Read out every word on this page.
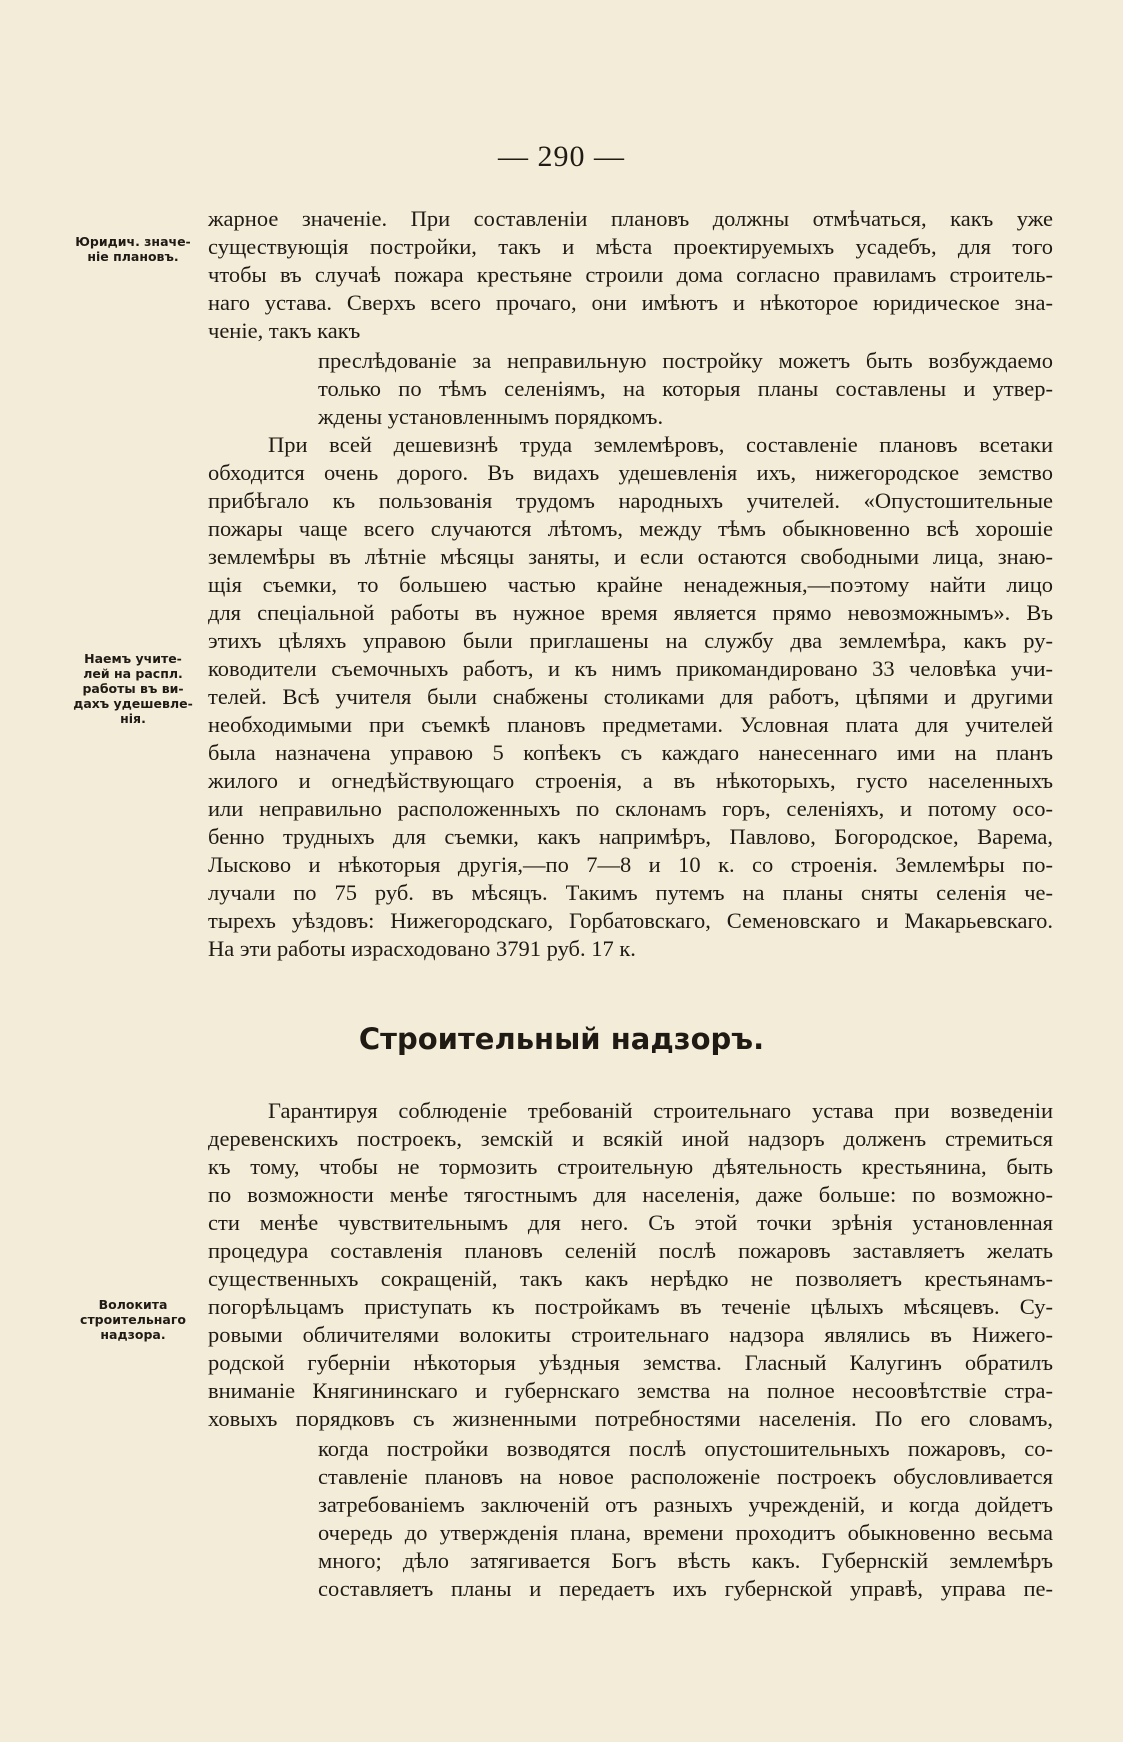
— 290 —
Юридич. значе-
ніе плановъ.
Наемъ учите-
лей на распл.
работы въ ви-
дахъ удешевле-
нія.
Волокита
строительнаго
надзора.
жарное значеніе. При составленіи плановъ должны отмѣчаться, какъ уже
существующія постройки, такъ и мѣста проектируемыхъ усадебъ, для того
чтобы въ случаѣ пожара крестьяне строили дома согласно правиламъ строитель-
наго устава. Сверхъ всего прочаго, они имѣютъ и нѣкоторое юридическое зна-
ченіе, такъ какъ
преслѣдованіе за неправильную постройку можетъ быть возбуждаемо
только по тѣмъ селеніямъ, на которыя планы составлены и утвер-
ждены установленнымъ порядкомъ.
При всей дешевизнѣ труда землемѣровъ, составленіе плановъ всетаки
обходится очень дорого. Въ видахъ удешевленія ихъ, нижегородское земство
прибѣгало къ пользованія трудомъ народныхъ учителей. «Опустошительные
пожары чаще всего случаются лѣтомъ, между тѣмъ обыкновенно всѣ хорошіе
землемѣры въ лѣтніе мѣсяцы заняты, и если остаются свободными лица, знаю-
щія съемки, то большею частью крайне ненадежныя,—поэтому найти лицо
для спеціальной работы въ нужное время является прямо невозможнымъ». Въ
этихъ цѣляхъ управою были приглашены на службу два землемѣра, какъ ру-
ководители съемочныхъ работъ, и къ нимъ прикомандировано 33 человѣка учи-
телей. Всѣ учителя были снабжены столиками для работъ, цѣпями и другими
необходимыми при съемкѣ плановъ предметами. Условная плата для учителей
была назначена управою 5 копѣекъ съ каждаго нанесеннаго ими на планъ
жилого и огнедѣйствующаго строенія, а въ нѣкоторыхъ, густо населенныхъ
или неправильно расположенныхъ по склонамъ горъ, селеніяхъ, и потому осо-
бенно трудныхъ для съемки, какъ напримѣръ, Павлово, Богородское, Варема,
Лысково и нѣкоторыя другія,—по 7—8 и 10 к. со строенія. Землемѣры по-
лучали по 75 руб. въ мѣсяцъ. Такимъ путемъ на планы сняты селенія че-
тырехъ уѣздовъ: Нижегородскаго, Горбатовскаго, Семеновскаго и Макарьевскаго.
На эти работы израсходовано 3791 руб. 17 к.
Строительный надзоръ.
Гарантируя соблюденіе требованій строительнаго устава при возведеніи
деревенскихъ построекъ, земскій и всякій иной надзоръ долженъ стремиться
къ тому, чтобы не тормозить строительную дѣятельность крестьянина, быть
по возможности менѣе тягостнымъ для населенія, даже больше: по возможно-
сти менѣе чувствительнымъ для него. Съ этой точки зрѣнія установленная
процедура составленія плановъ селеній послѣ пожаровъ заставляетъ желать
существенныхъ сокращеній, такъ какъ нерѣдко не позволяетъ крестьянамъ-
погорѣльцамъ приступать къ постройкамъ въ теченіе цѣлыхъ мѣсяцевъ. Су-
ровыми обличителями волокиты строительнаго надзора являлись въ Нижего-
родской губерніи нѣкоторыя уѣздныя земства. Гласный Калугинъ обратилъ
вниманіе Княгининскаго и губернскаго земства на полное несоовѣтствіе стра-
ховыхъ порядковъ съ жизненными потребностями населенія. По его словамъ,
когда постройки возводятся послѣ опустошительныхъ пожаровъ, со-
ставленіе плановъ на новое расположеніе построекъ обусловливается
затребованіемъ заключеній отъ разныхъ учрежденій, и когда дойдетъ
очередь до утвержденія плана, времени проходитъ обыкновенно весьма
много; дѣло затягивается Богъ вѣсть какъ. Губернскій землемѣръ
составляетъ планы и передаетъ ихъ губернской управѣ, управа пе-
